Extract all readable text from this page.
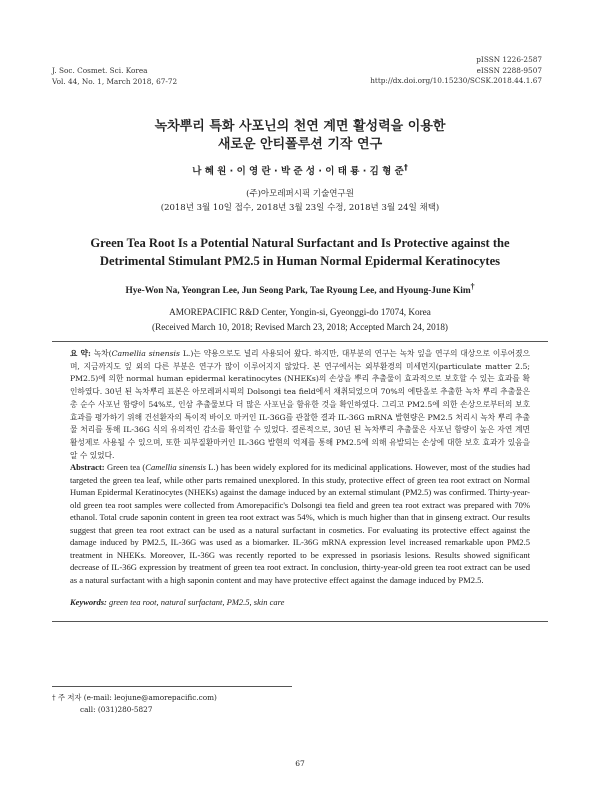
J. Soc. Cosmet. Sci. Korea
Vol. 44, No. 1, March 2018, 67-72
pISSN 1226-2587
eISSN 2288-9507
http://dx.doi.org/10.15230/SCSK.2018.44.1.67
녹차뿌리 특화 사포닌의 천연 계면 활성력을 이용한
새로운 안티폴루션 기작 연구
나 혜 원 · 이 영 란 · 박 준 성 · 이 태 룡 · 김 형 준†
(주)아모레퍼시픽 기술연구원
(2018년 3월 10일 접수, 2018년 3월 23일 수정, 2018년 3월 24일 채택)
Green Tea Root Is a Potential Natural Surfactant and Is Protective against the
Detrimental Stimulant PM2.5 in Human Normal Epidermal Keratinocytes
Hye-Won Na, Yeongran Lee, Jun Seong Park, Tae Ryoung Lee, and Hyoung-June Kim†
AMOREPACIFIC R&D Center, Yongin-si, Gyeonggi-do 17074, Korea
(Received March 10, 2018; Revised March 23, 2018; Accepted March 24, 2018)
요 약: 녹차(Camellia sinensis L.)는 약용으로도 널리 사용되어 왔다. 하지만, 대부분의 연구는 녹차 잎을 연구의 대상으로 이루어졌으며, 지금까지도 잎 외의 다른 부분은 연구가 많이 이루어지지 않았다. 본 연구에서는 외부환경의 미세먼지(particulate matter 2.5; PM2.5)에 의한 normal human epidermal keratinocytes (NHEKs)의 손상을 뿌리 추출물이 효과적으로 보호할 수 있는 효과를 확인하였다. 30년 된 녹차뿌리 표본은 아모레퍼시픽의 Dolsongi tea field에서 채취되었으며 70%의 에탄올로 추출한 녹차 뿌리 추출물은 총 순수 사포닌 함량이 54%로, 인삼 추출물보다 더 많은 사포닌을 함유한 것을 확인하였다. 그리고 PM2.5에 의한 손상으로부터의 보호 효과를 평가하기 위해 건선환자의 특이적 바이오 마커인 IL-36G를 관찰한 결과 IL-36G mRNA 발현량은 PM2.5 처리시 녹차 뿌리 추출물 처리를 통해 IL-36G 식의 유의적인 감소를 확인할 수 있었다. 결론적으로, 30년 된 녹차뿌리 추출물은 사포닌 함량이 높은 자연 계면 활성제로 사용될 수 있으며, 또한 피부질환마커인 IL-36G 발현의 억제를 통해 PM2.5에 의해 유발되는 손상에 대한 보호 효과가 있음을 알 수 있었다.
Abstract: Green tea (Camellia sinensis L.) has been widely explored for its medicinal applications. However, most of the studies had targeted the green tea leaf, while other parts remained unexplored. In this study, protective effect of green tea root extract on Normal Human Epidermal Keratinocytes (NHEKs) against the damage induced by an external stimulant (PM2.5) was confirmed. Thirty-year-old green tea root samples were collected from Amorepacific's Dolsongi tea field and green tea root extract was prepared with 70% ethanol. Total crude saponin content in green tea root extract was 54%, which is much higher than that in ginseng extract. Our results suggest that green tea root extract can be used as a natural surfactant in cosmetics. For evaluating its protective effect against the damage induced by PM2.5, IL-36G was used as a biomarker. IL-36G mRNA expression level increased remarkable upon PM2.5 treatment in NHEKs. Moreover, IL-36G was recently reported to be expressed in psoriasis lesions. Results showed significant decrease of IL-36G expression by treatment of green tea root extract. In conclusion, thirty-year-old green tea root extract can be used as a natural surfactant with a high saponin content and may have protective effect against the damage induced by PM2.5.
Keywords: green tea root, natural surfactant, PM2.5, skin care
† 주 저자 (e-mail: leojune@amorepacific.com)
call: (031)280-5827
67
